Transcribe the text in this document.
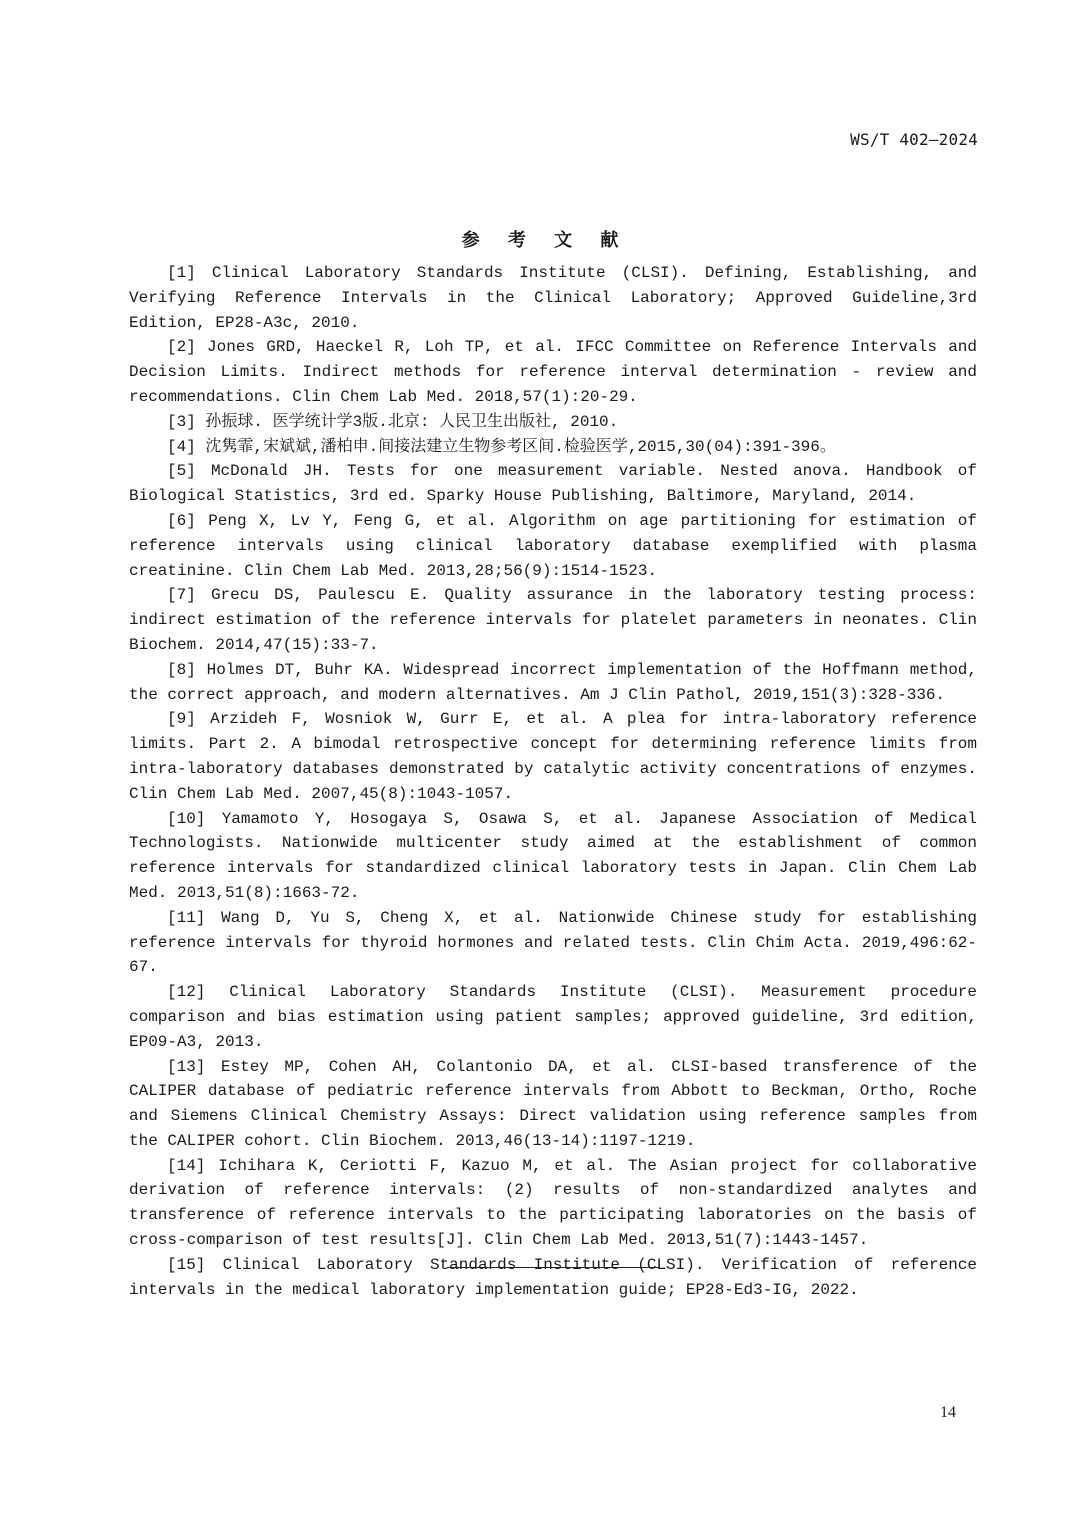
WS/T 402—2024
参 考 文 献
[1] Clinical Laboratory Standards Institute (CLSI). Defining, Establishing, and Verifying Reference Intervals in the Clinical Laboratory; Approved Guideline,3rd Edition, EP28-A3c, 2010.
[2] Jones GRD, Haeckel R, Loh TP, et al. IFCC Committee on Reference Intervals and Decision Limits. Indirect methods for reference interval determination - review and recommendations. Clin Chem Lab Med. 2018,57(1):20-29.
[3] 孙振球. 医学统计学3版.北京: 人民卫生出版社, 2010.
[4] 沈隽霏,宋斌斌,潘柏申.间接法建立生物参考区间.检验医学,2015,30(04):391-396。
[5] McDonald JH. Tests for one measurement variable. Nested anova. Handbook of Biological Statistics, 3rd ed. Sparky House Publishing, Baltimore, Maryland, 2014.
[6] Peng X, Lv Y, Feng G, et al. Algorithm on age partitioning for estimation of reference intervals using clinical laboratory database exemplified with plasma creatinine. Clin Chem Lab Med. 2013,28;56(9):1514-1523.
[7] Grecu DS, Paulescu E. Quality assurance in the laboratory testing process: indirect estimation of the reference intervals for platelet parameters in neonates. Clin Biochem. 2014,47(15):33-7.
[8] Holmes DT, Buhr KA. Widespread incorrect implementation of the Hoffmann method, the correct approach, and modern alternatives. Am J Clin Pathol, 2019,151(3):328-336.
[9] Arzideh F, Wosniok W, Gurr E, et al. A plea for intra-laboratory reference limits. Part 2. A bimodal retrospective concept for determining reference limits from intra-laboratory databases demonstrated by catalytic activity concentrations of enzymes. Clin Chem Lab Med. 2007,45(8):1043-1057.
[10] Yamamoto Y, Hosogaya S, Osawa S, et al. Japanese Association of Medical Technologists. Nationwide multicenter study aimed at the establishment of common reference intervals for standardized clinical laboratory tests in Japan. Clin Chem Lab Med. 2013,51(8):1663-72.
[11] Wang D, Yu S, Cheng X, et al. Nationwide Chinese study for establishing reference intervals for thyroid hormones and related tests. Clin Chim Acta. 2019,496:62-67.
[12] Clinical Laboratory Standards Institute (CLSI). Measurement procedure comparison and bias estimation using patient samples; approved guideline, 3rd edition, EP09-A3, 2013.
[13] Estey MP, Cohen AH, Colantonio DA, et al. CLSI-based transference of the CALIPER database of pediatric reference intervals from Abbott to Beckman, Ortho, Roche and Siemens Clinical Chemistry Assays: Direct validation using reference samples from the CALIPER cohort. Clin Biochem. 2013,46(13-14):1197-1219.
[14] Ichihara K, Ceriotti F, Kazuo M, et al. The Asian project for collaborative derivation of reference intervals: (2) results of non-standardized analytes and transference of reference intervals to the participating laboratories on the basis of cross-comparison of test results[J]. Clin Chem Lab Med. 2013,51(7):1443-1457.
[15] Clinical Laboratory Standards Institute (CLSI). Verification of reference intervals in the medical laboratory implementation guide; EP28-Ed3-IG, 2022.
14
